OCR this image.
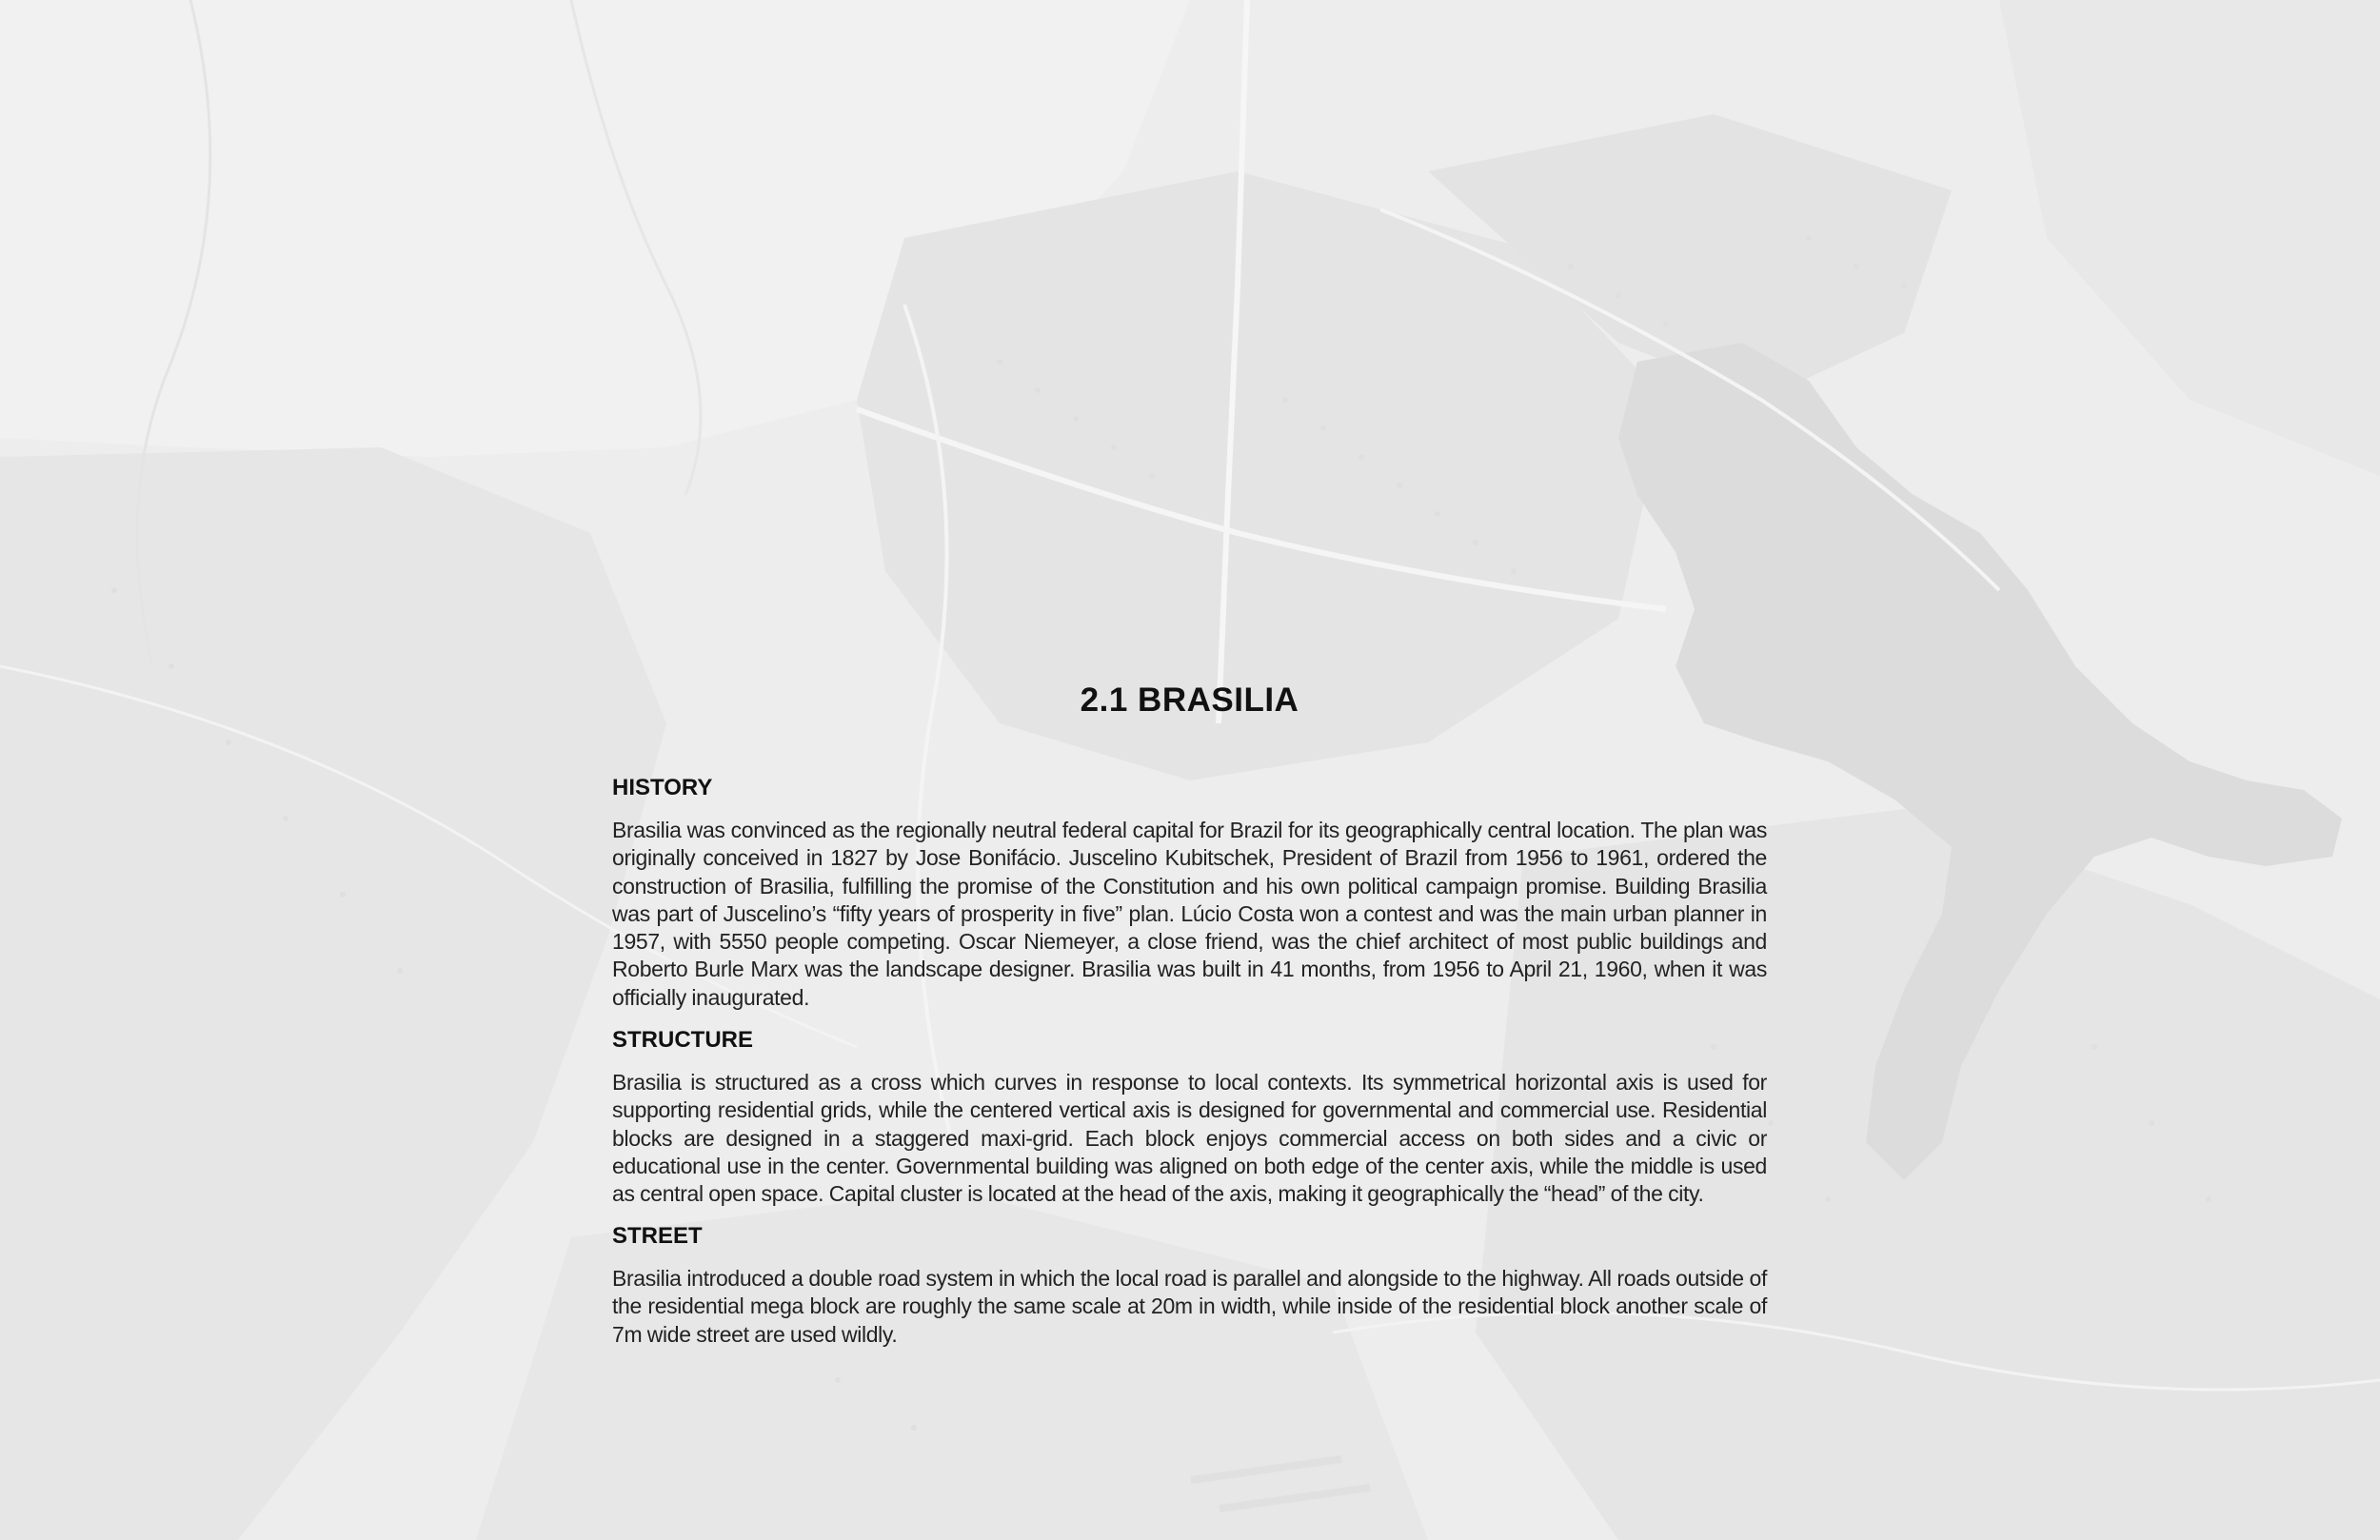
2.1 BRASILIA
HISTORY
Brasilia was convinced as the regionally neutral federal capital for Brazil for its geographically central location. The plan was originally conceived in 1827 by Jose Bonifácio. Juscelino Kubitschek, President of Brazil from 1956 to 1961, ordered the construction of Brasilia, fulfilling the promise of the Constitution and his own political campaign promise. Building Brasilia was part of Juscelino’s “fifty years of prosperity in five” plan. Lúcio Costa won a contest and was the main urban planner in 1957, with 5550 people competing. Oscar Niemeyer, a close friend, was the chief architect of most public buildings and Roberto Burle Marx was the landscape designer. Brasilia was built in 41 months, from 1956 to April 21, 1960, when it was officially inaugurated.
STRUCTURE
Brasilia is structured as a cross which curves in response to local contexts. Its symmetrical horizontal axis is used for supporting residential grids, while the centered vertical axis is designed for governmental and commercial use. Residential blocks are designed in a staggered maxi-grid. Each block enjoys commercial access on both sides and a civic or educational use in the center. Governmental building was aligned on both edge of the center axis, while the middle is used as central open space. Capital cluster is located at the head of the axis, making it geographically the “head” of the city.
STREET
Brasilia introduced a double road system in which the local road is parallel and alongside to the highway. All roads outside of the residential mega block are roughly the same scale at 20m in width, while inside of the residential block another scale of 7m wide street are used wildly.
